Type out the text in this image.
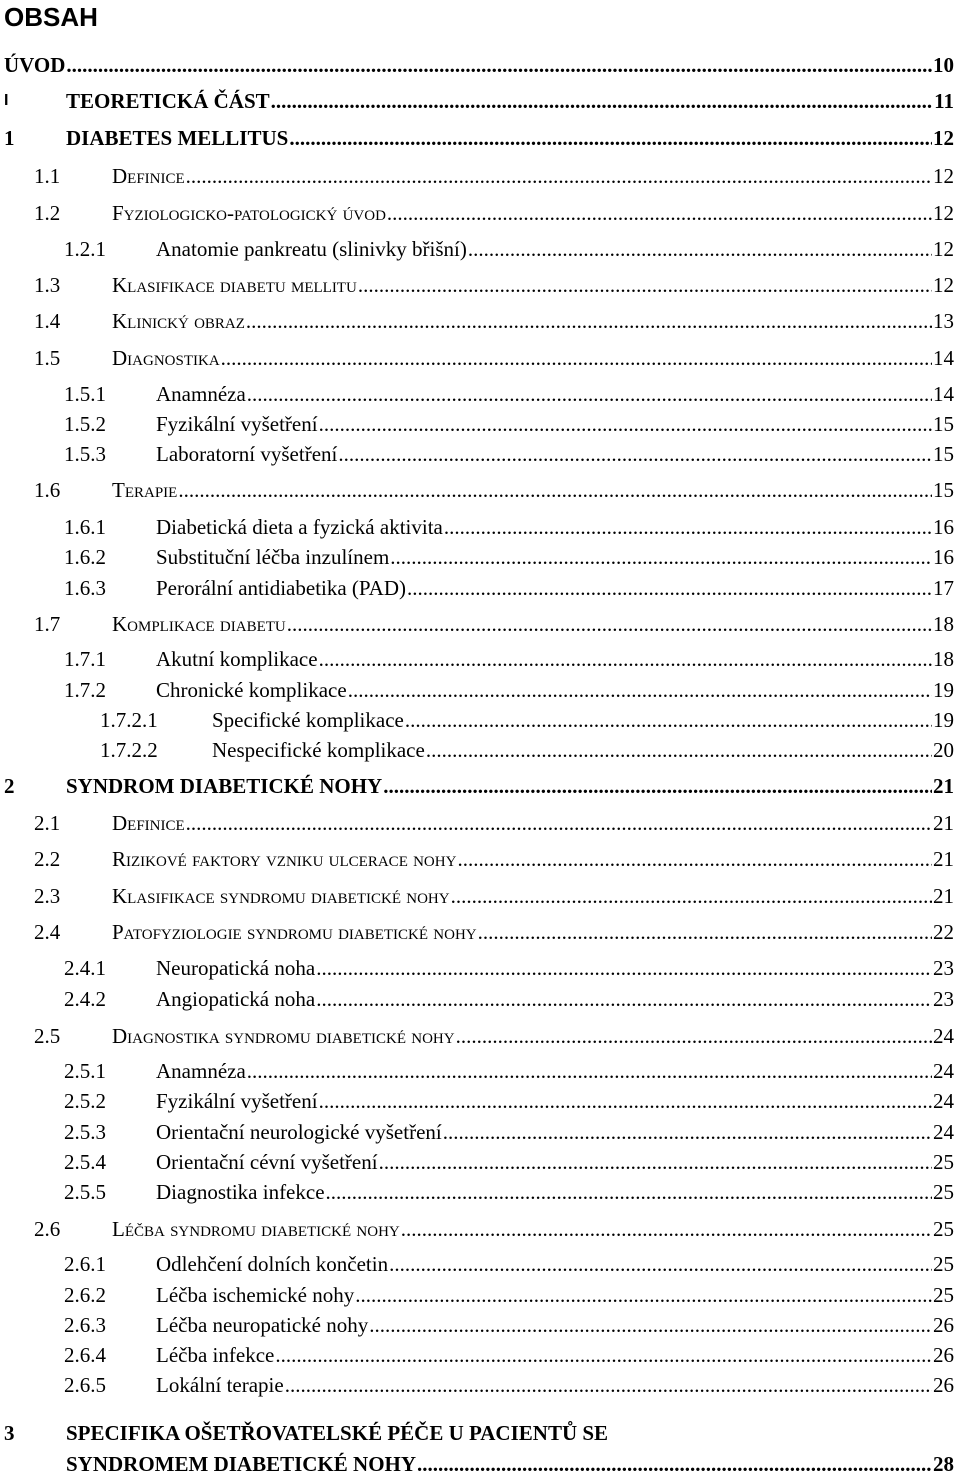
OBSAH
ÚVOD .....	10
I	TEORETICKÁ ČÁST .....	11
1 DIABETES MELLITUS .....	12
1.1 Definice .....	12
1.2 Fyziologicko-patologický úvod .....	12
1.2.1 Anatomie pankreatu (slinivky břišní) .....	12
1.3 Klasifikace diabetu mellitu .....	12
1.4 Klinický obraz .....	13
1.5 Diagnostika .....	14
1.5.1 Anamnéza .....	14
1.5.2 Fyzikální vyšetření .....	15
1.5.3 Laboratorní vyšetření .....	15
1.6 Terapie .....	15
1.6.1 Diabetická dieta a fyzická aktivita .....	16
1.6.2 Substituční léčba inzulínem .....	16
1.6.3 Perorální antidiabetika (PAD) .....	17
1.7 Komplikace diabetu .....	18
1.7.1 Akutní komplikace .....	18
1.7.2 Chronické komplikace .....	19
1.7.2.1	Specifické komplikace .....	19
1.7.2.2	Nespecifické komplikace .....	20
2 SYNDROM DIABETICKÉ NOHY .....	21
2.1 Definice .....	21
2.2 Rizikové faktory vzniku ulcerace nohy .....	21
2.3 Klasifikace syndromu diabetické nohy .....	21
2.4 Patofyziologie syndromu diabetické nohy .....	22
2.4.1 Neuropatická noha .....	23
2.4.2 Angiopatická noha .....	23
2.5 Diagnostika syndromu diabetické nohy .....	24
2.5.1 Anamnéza .....	24
2.5.2 Fyzikální vyšetření .....	24
2.5.3 Orientační neurologické vyšetření .....	24
2.5.4 Orientační cévní vyšetření .....	25
2.5.5 Diagnostika infekce .....	25
2.6 Léčba syndromu diabetické nohy .....	25
2.6.1 Odlehčení dolních končetin .....	25
2.6.2 Léčba ischemické nohy .....	25
2.6.3 Léčba neuropatické nohy .....	26
2.6.4 Léčba infekce .....	26
2.6.5 Lokální terapie .....	26
3 SPECIFIKA OŠETŘOVATELSKÉ PÉČE U PACIENTŮ SE
SYNDROMEM DIABETICKÉ NOHY .....	28
